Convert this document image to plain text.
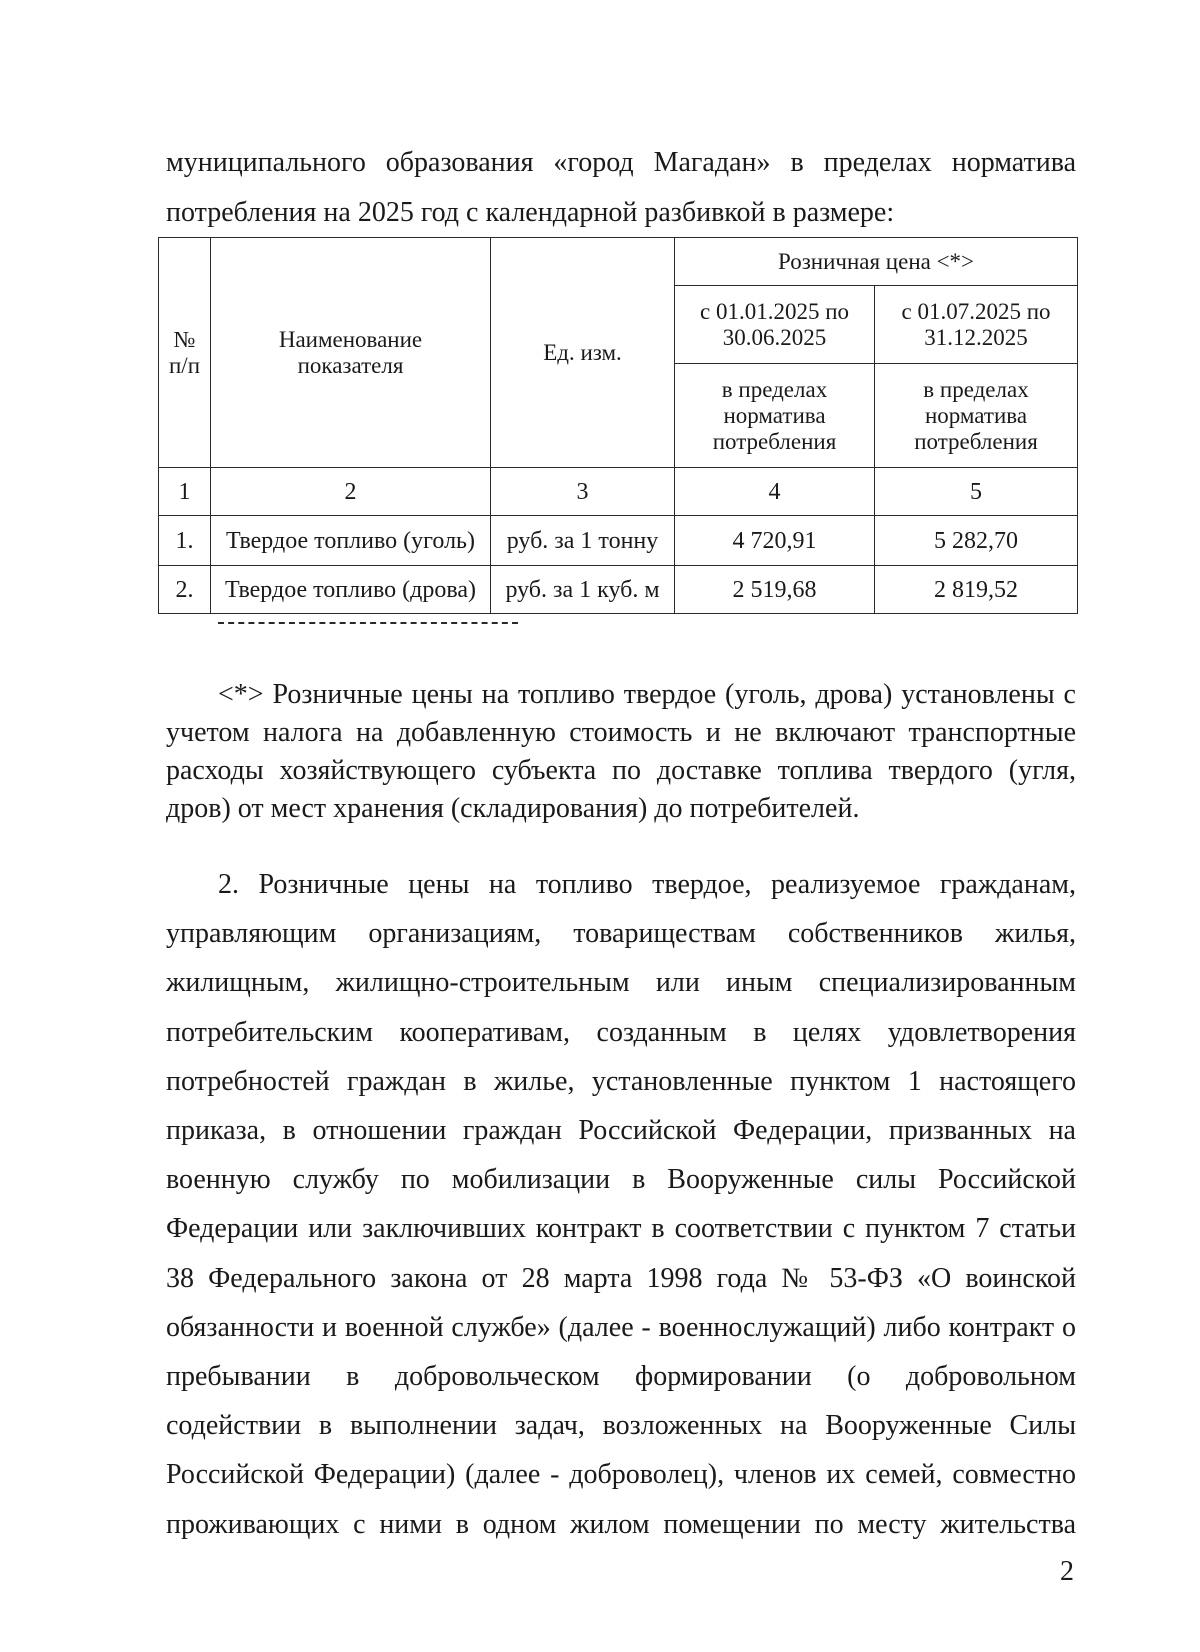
муниципального образования «город Магадан» в пределах норматива
потребления на 2025 год с календарной разбивкой в размере:

№ п/п	Наименование показателя	Ед. изм.	Розничная цена <*>	
			с 01.01.2025 по 30.06.2025	с 01.07.2025 по 31.12.2025
			в пределах норматива потребления	в пределах норматива потребления
1	2	3	4	5
1.	Твердое топливо (уголь)	руб. за 1 тонну	4 720,91	5 282,70
2.	Твердое топливо (дрова)	руб. за 1 куб. м	2 519,68	2 819,52

<*> Розничные цены на топливо твердое (уголь, дрова) установлены с
учетом налога на добавленную стоимость и не включают транспортные
расходы хозяйствующего субъекта по доставке топлива твердого (угля,
дров) от мест хранения (складирования) до потребителей.

2. Розничные цены на топливо твердое, реализуемое гражданам,
управляющим организациям, товариществам собственников жилья,
жилищным, жилищно-строительным или иным специализированным
потребительским кооперативам, созданным в целях удовлетворения
потребностей граждан в жилье, установленные пунктом 1 настоящего
приказа, в отношении граждан Российской Федерации, призванных на
военную службу по мобилизации в Вооруженные силы Российской
Федерации или заключивших контракт в соответствии с пунктом 7 статьи
38 Федерального закона от 28 марта 1998 года № 53-ФЗ «О воинской
обязанности и военной службе» (далее - военнослужащий) либо контракт о
пребывании в добровольческом формировании (о добровольном
содействии в выполнении задач, возложенных на Вооруженные Силы
Российской Федерации) (далее - доброволец), членов их семей, совместно
проживающих с ними в одном жилом помещении по месту жительства

2
